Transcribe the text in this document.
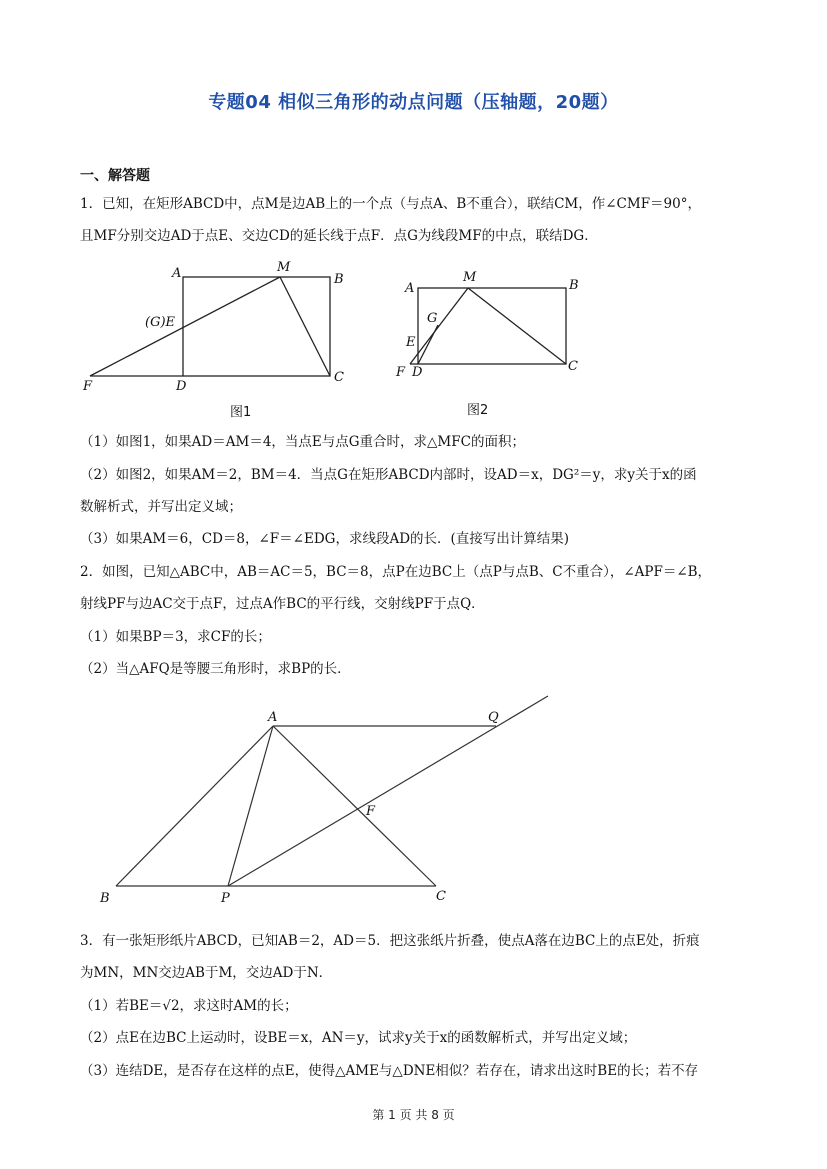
专题04 相似三角形的动点问题（压轴题，20题）
一、解答题
1．已知，在矩形ABCD中，点M是边AB上的一个点（与点A、B不重合），联结CM，作∠CMF＝90°，
且MF分别交边AD于点E、交边CD的延长线于点F．点G为线段MF的中点，联结DG．
A	M
B
(G)E
F	D
C
图1
A
M
B
G
E
F D	C
图2
（1）如图1，如果AD＝AM＝4，当点E与点G重合时，求△MFC的面积；
（2）如图2，如果AM＝2，BM＝4．当点G在矩形ABCD内部时，设AD＝x，DG²＝y，求y关于x的函
数解析式，并写出定义域；
（3）如果AM＝6，CD＝8，∠F＝∠EDG，求线段AD的长．(直接写出计算结果)
2．如图，已知△ABC中，AB＝AC＝5，BC＝8，点P在边BC上（点P与点B、C不重合），∠APF＝∠B，
射线PF与边AC交于点F，过点A作BC的平行线，交射线PF于点Q．
（1）如果BP＝3，求CF的长；
（2）当△AFQ是等腰三角形时，求BP的长．
A	Q
F
B	P	C
3．有一张矩形纸片ABCD，已知AB＝2，AD＝5．把这张纸片折叠，使点A落在边BC上的点E处，折痕
为MN，MN交边AB于M，交边AD于N．
（1）若BE＝√2，求这时AM的长；
（2）点E在边BC上运动时，设BE＝x，AN＝y，试求y关于x的函数解析式，并写出定义域；
（3）连结DE，是否存在这样的点E，使得△AME与△DNE相似？若存在，请求出这时BE的长；若不存
第 1 页 共 8 页
